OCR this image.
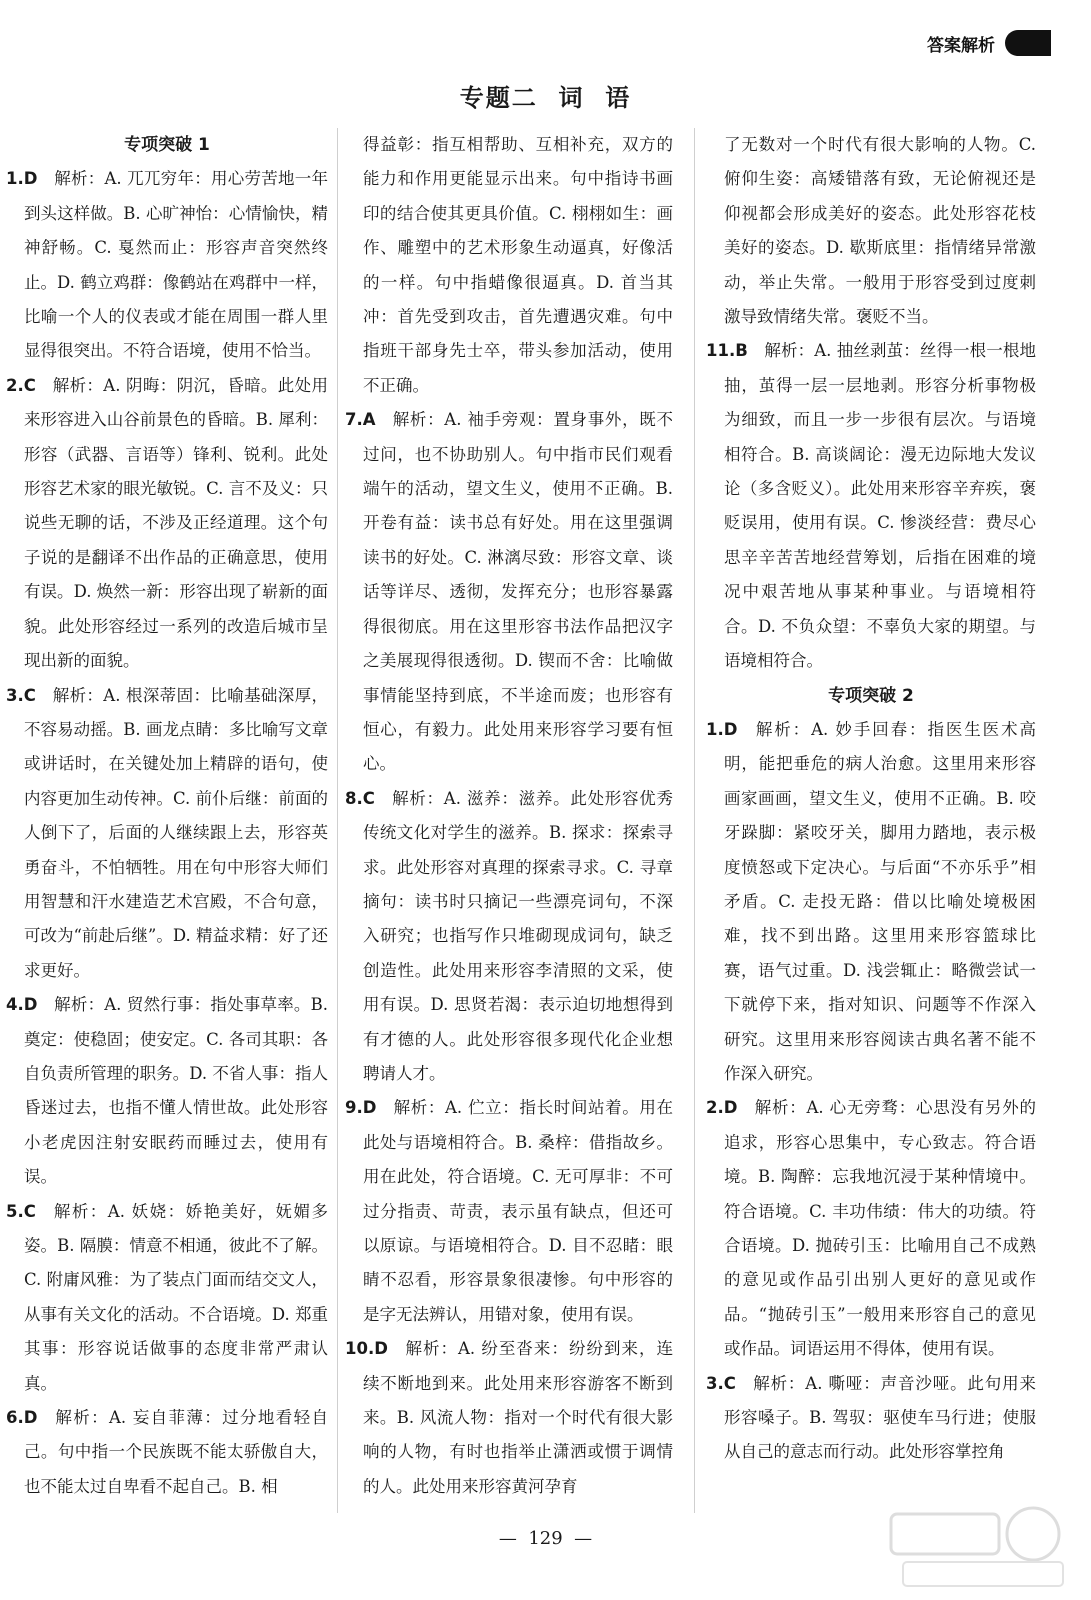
答案解析
专题二  词  语
专项突破 1

1.D  解析：A. 兀兀穷年：用心劳苦地一年到头这样做。B. 心旷神怡：心情愉快，精神舒畅。C. 戛然而止：形容声音突然终止。D. 鹤立鸡群：像鹤站在鸡群中一样，比喻一个人的仪表或才能在周围一群人里显得很突出。不符合语境，使用不恰当。

2.C  解析：A. 阴晦：阴沉，昏暗。此处用来形容进入山谷前景色的昏暗。B. 犀利：形容（武器、言语等）锋利、锐利。此处形容艺术家的眼光敏锐。C. 言不及义：只说些无聊的话，不涉及正经道理。这个句子说的是翻译不出作品的正确意思，使用有误。D. 焕然一新：形容出现了崭新的面貌。此处形容经过一系列的改造后城市呈现出新的面貌。

3.C  解析：A. 根深蒂固：比喻基础深厚，不容易动摇。B. 画龙点睛：多比喻写文章或讲话时，在关键处加上精辟的语句，使内容更加生动传神。C. 前仆后继：前面的人倒下了，后面的人继续跟上去，形容英勇奋斗，不怕牺牲。用在句中形容大师们用智慧和汗水建造艺术宫殿，不合句意，可改为“前赴后继”。D. 精益求精：好了还求更好。

4.D  解析：A. 贸然行事：指处事草率。B. 奠定：使稳固；使安定。C. 各司其职：各自负责所管理的职务。D. 不省人事：指人昏迷过去，也指不懂人情世故。此处形容小老虎因注射安眠药而睡过去，使用有误。

5.C  解析：A. 妖娆：娇艳美好，妩媚多姿。B. 隔膜：情意不相通，彼此不了解。C. 附庸风雅：为了装点门面而结交文人，从事有关文化的活动。不合语境。D. 郑重其事：形容说话做事的态度非常严肃认真。

6.D  解析：A. 妄自菲薄：过分地看轻自己。句中指一个民族既不能太骄傲自大，也不能太过自卑看不起自己。B. 相

得益彰：指互相帮助、互相补充，双方的能力和作用更能显示出来。句中指诗书画印的结合使其更具价值。C. 栩栩如生：画作、雕塑中的艺术形象生动逼真，好像活的一样。句中指蜡像很逼真。D. 首当其冲：首先受到攻击，首先遭遇灾难。句中指班干部身先士卒，带头参加活动，使用不正确。

7.A  解析：A. 袖手旁观：置身事外，既不过问，也不协助别人。句中指市民们观看端午的活动，望文生义，使用不正确。B. 开卷有益：读书总有好处。用在这里强调读书的好处。C. 淋漓尽致：形容文章、谈话等详尽、透彻，发挥充分；也形容暴露得很彻底。用在这里形容书法作品把汉字之美展现得很透彻。D. 锲而不舍：比喻做事情能坚持到底，不半途而废；也形容有恒心，有毅力。此处用来形容学习要有恒心。

8.C  解析：A. 滋养：滋养。此处形容优秀传统文化对学生的滋养。B. 探求：探索寻求。此处形容对真理的探索寻求。C. 寻章摘句：读书时只摘记一些漂亮词句，不深入研究；也指写作只堆砌现成词句，缺乏创造性。此处用来形容李清照的文采，使用有误。D. 思贤若渴：表示迫切地想得到有才德的人。此处形容很多现代化企业想聘请人才。

9.D  解析：A. 伫立：指长时间站着。用在此处与语境相符合。B. 桑梓：借指故乡。用在此处，符合语境。C. 无可厚非：不可过分指责、苛责，表示虽有缺点，但还可以原谅。与语境相符合。D. 目不忍睹：眼睛不忍看，形容景象很凄惨。句中形容的是字无法辨认，用错对象，使用有误。

10.D  解析：A. 纷至沓来：纷纷到来，连续不断地到来。此处用来形容游客不断到来。B. 风流人物：指对一个时代有很大影响的人物，有时也指举止潇洒或惯于调情的人。此处用来形容黄河孕育

了无数对一个时代有很大影响的人物。C. 俯仰生姿：高矮错落有致，无论俯视还是仰视都会形成美好的姿态。此处形容花枝美好的姿态。D. 歇斯底里：指情绪异常激动，举止失常。一般用于形容受到过度刺激导致情绪失常。褒贬不当。

11.B  解析：A. 抽丝剥茧：丝得一根一根地抽，茧得一层一层地剥。形容分析事物极为细致，而且一步一步很有层次。与语境相符合。B. 高谈阔论：漫无边际地大发议论（多含贬义）。此处用来形容辛弃疾，褒贬误用，使用有误。C. 惨淡经营：费尽心思辛辛苦苦地经营筹划，后指在困难的境况中艰苦地从事某种事业。与语境相符合。D. 不负众望：不辜负大家的期望。与语境相符合。

专项突破 2

1.D  解析：A. 妙手回春：指医生医术高明，能把垂危的病人治愈。这里用来形容画家画画，望文生义，使用不正确。B. 咬牙跺脚：紧咬牙关，脚用力踏地，表示极度愤怒或下定决心。与后面“不亦乐乎”相矛盾。C. 走投无路：借以比喻处境极困难，找不到出路。这里用来形容篮球比赛，语气过重。D. 浅尝辄止：略微尝试一下就停下来，指对知识、问题等不作深入研究。这里用来形容阅读古典名著不能不作深入研究。

2.D  解析：A. 心无旁骛：心思没有另外的追求，形容心思集中，专心致志。符合语境。B. 陶醉：忘我地沉浸于某种情境中。符合语境。C. 丰功伟绩：伟大的功绩。符合语境。D. 抛砖引玉：比喻用自己不成熟的意见或作品引出别人更好的意见或作品。“抛砖引玉”一般用来形容自己的意见或作品。词语运用不得体，使用有误。

3.C  解析：A. 嘶哑：声音沙哑。此句用来形容嗓子。B. 驾驭：驱使车马行进；使服从自己的意志而行动。此处形容掌控角

—  129  —
